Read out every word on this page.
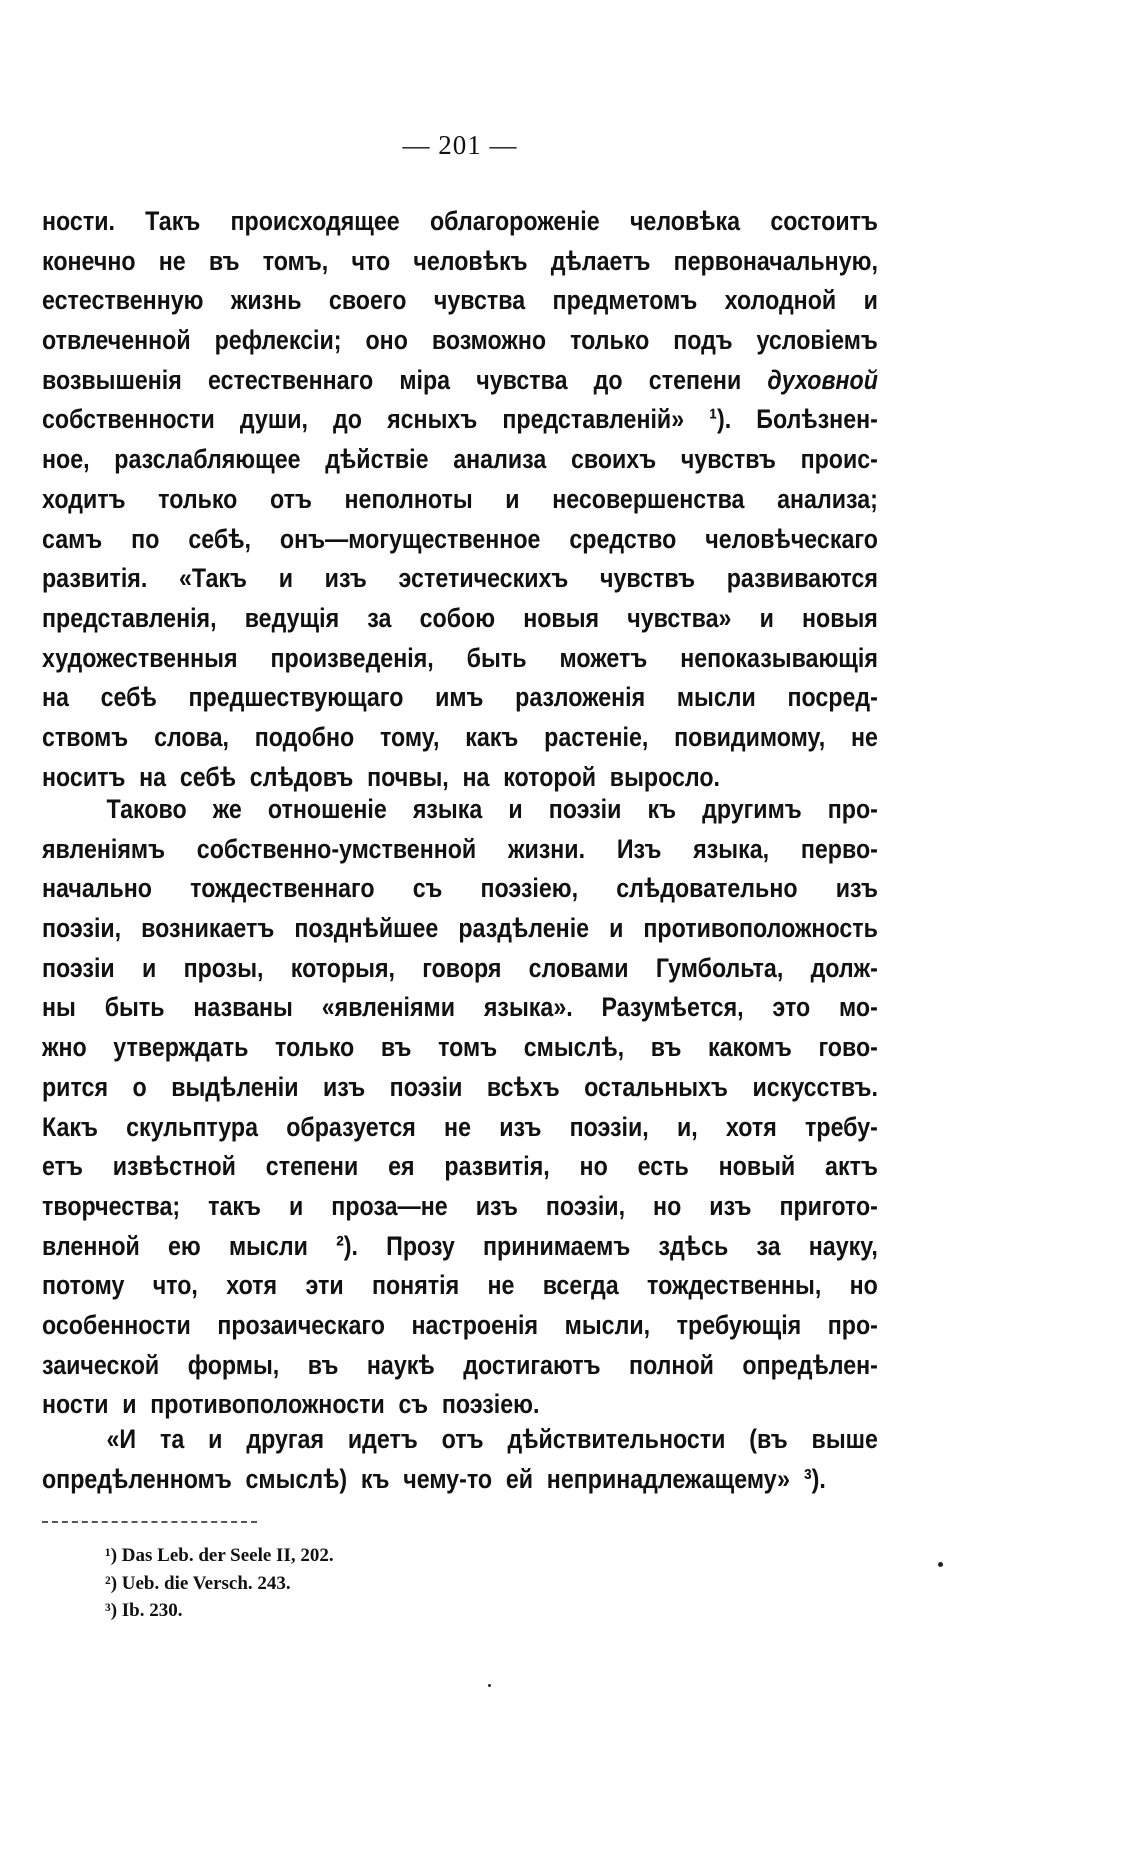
— 201 —
ности. Такъ происходящее облагороженіе человѣка состоитъ
конечно не въ томъ, что человѣкъ дѣлаетъ первоначальную,
естественную жизнь своего чувства предметомъ холодной и
отвлеченной рефлексіи; оно возможно только подъ условіемъ
возвышенія естественнаго міра чувства до степени духовной
собственности души, до ясныхъ представленій» ¹). Болѣзнен-
ное, разслабляющее дѣйствіе анализа своихъ чувствъ проис-
ходитъ только отъ неполноты и несовершенства анализа;
самъ по себѣ, онъ—могущественное средство человѣческаго
развитія. «Такъ и изъ эстетическихъ чувствъ развиваются
представленія, ведущія за собою новыя чувства» и новыя
художественныя произведенія, быть можетъ непоказывающія
на себѣ предшествующаго имъ разложенія мысли посред-
ствомъ слова, подобно тому, какъ растеніе, повидимому, не
носитъ на себѣ слѣдовъ почвы, на которой выросло.
Таково же отношеніе языка и поэзіи къ другимъ про-
явленіямъ собственно-умственной жизни. Изъ языка, перво-
начально тождественнаго съ поэзіею, слѣдовательно изъ
поэзіи, возникаетъ позднѣйшее раздѣленіе и противоположность
поэзіи и прозы, которыя, говоря словами Гумбольта, долж-
ны быть названы «явленіями языка». Разумѣется, это мо-
жно утверждать только въ томъ смыслѣ, въ какомъ гово-
рится о выдѣленіи изъ поэзіи всѣхъ остальныхъ искусствъ.
Какъ скульптура образуется не изъ поэзіи, и, хотя требу-
етъ извѣстной степени ея развитія, но есть новый актъ
творчества; такъ и проза—не изъ поэзіи, но изъ пригото-
вленной ею мысли ²). Прозу принимаемъ здѣсь за науку,
потому что, хотя эти понятія не всегда тождественны, но
особенности прозаическаго настроенія мысли, требующія про-
заической формы, въ наукѣ достигаютъ полной опредѣлен-
ности и противоположности съ поэзіею.
«И та и другая идетъ отъ дѣйствительности (въ выше
опредѣленномъ смыслѣ) къ чему-то ей непринадлежащему» ³).
¹) Das Leb. der Seele II, 202.
²) Ueb. die Versch. 243.
³) Ib. 230.
